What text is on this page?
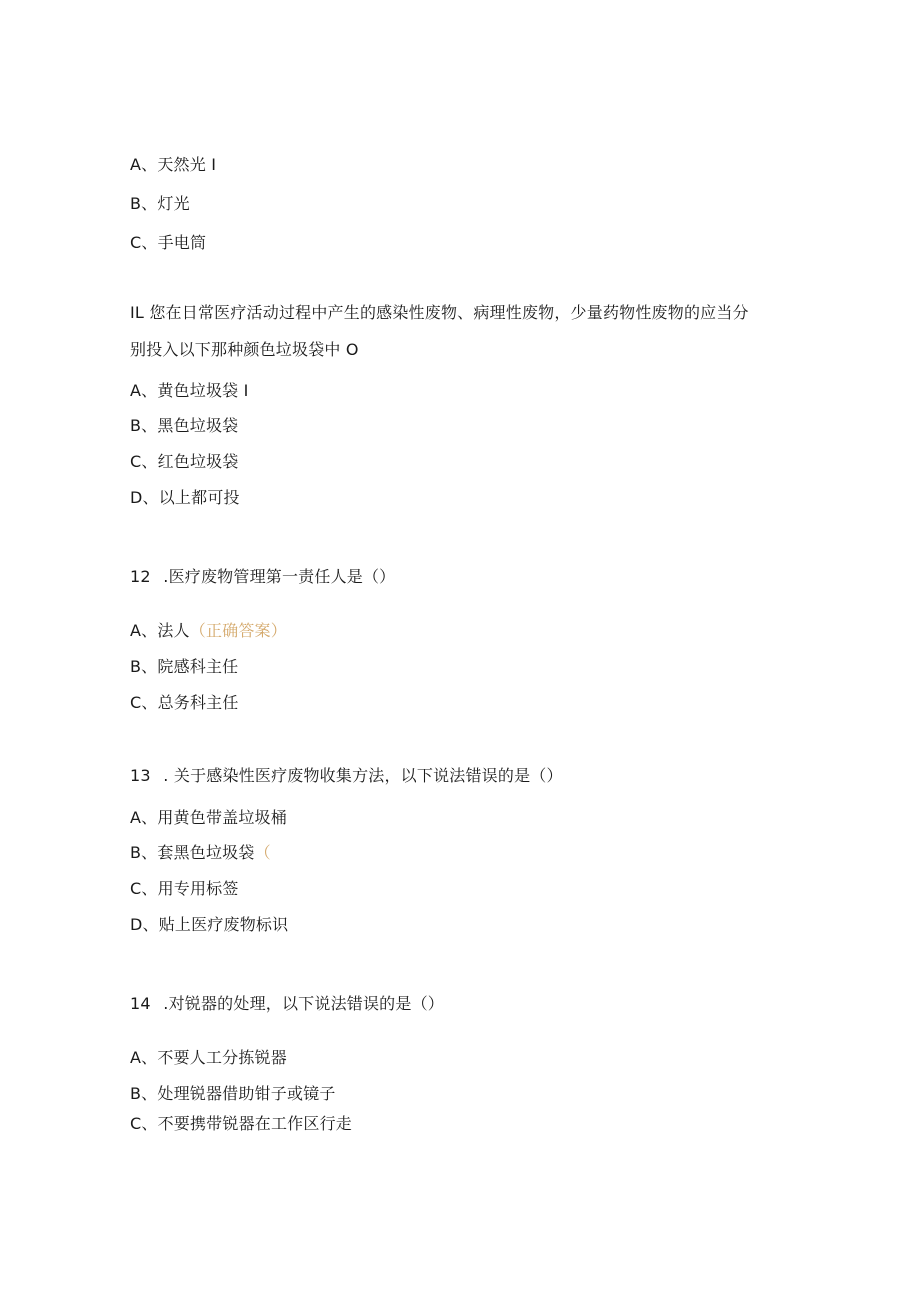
A、天然光 I
B、灯光
C、手电筒
IL 您在日常医疗活动过程中产生的感染性废物、病理性废物，少量药物性废物的应当分
别投入以下那种颜色垃圾袋中 O
A、黄色垃圾袋 I
B、黑色垃圾袋
C、红色垃圾袋
D、以上都可投
12 .医疗废物管理第一责任人是（）
A、法人（正确答案）
B、院感科主任
C、总务科主任
13 . 关于感染性医疗废物收集方法，以下说法错误的是（）
A、用黄色带盖垃圾桶
B、套黑色垃圾袋（
C、用专用标签
D、贴上医疗废物标识
14 .对锐器的处理，以下说法错误的是（）
A、不要人工分拣锐器
B、处理锐器借助钳子或镜子
C、不要携带锐器在工作区行走
